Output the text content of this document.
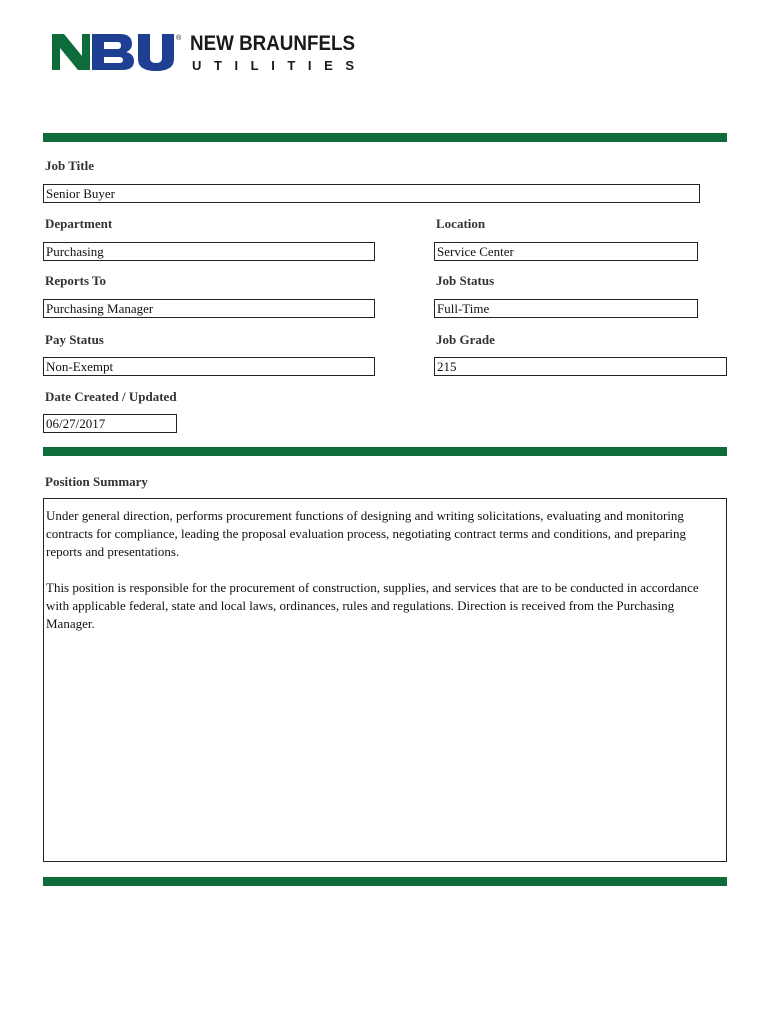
® NEW BRAUNFELS
UTILITIES
Job Title
Senior Buyer
Department	Location
Purchasing	Service Center
Reports To	Job Status
Purchasing Manager	Full-Time
Pay Status	Job Grade
Non-Exempt	215
Date Created / Updated
06/27/2017
Position Summary

Under general direction, performs procurement functions of designing and writing solicitations, evaluating and monitoring contracts for compliance, leading the proposal evaluation process, negotiating contract terms and conditions, and preparing reports and presentations.

This position is responsible for the procurement of construction, supplies, and services that are to be conducted in accordance with applicable federal, state and local laws, ordinances, rules and regulations. Direction is received from the Purchasing Manager.
